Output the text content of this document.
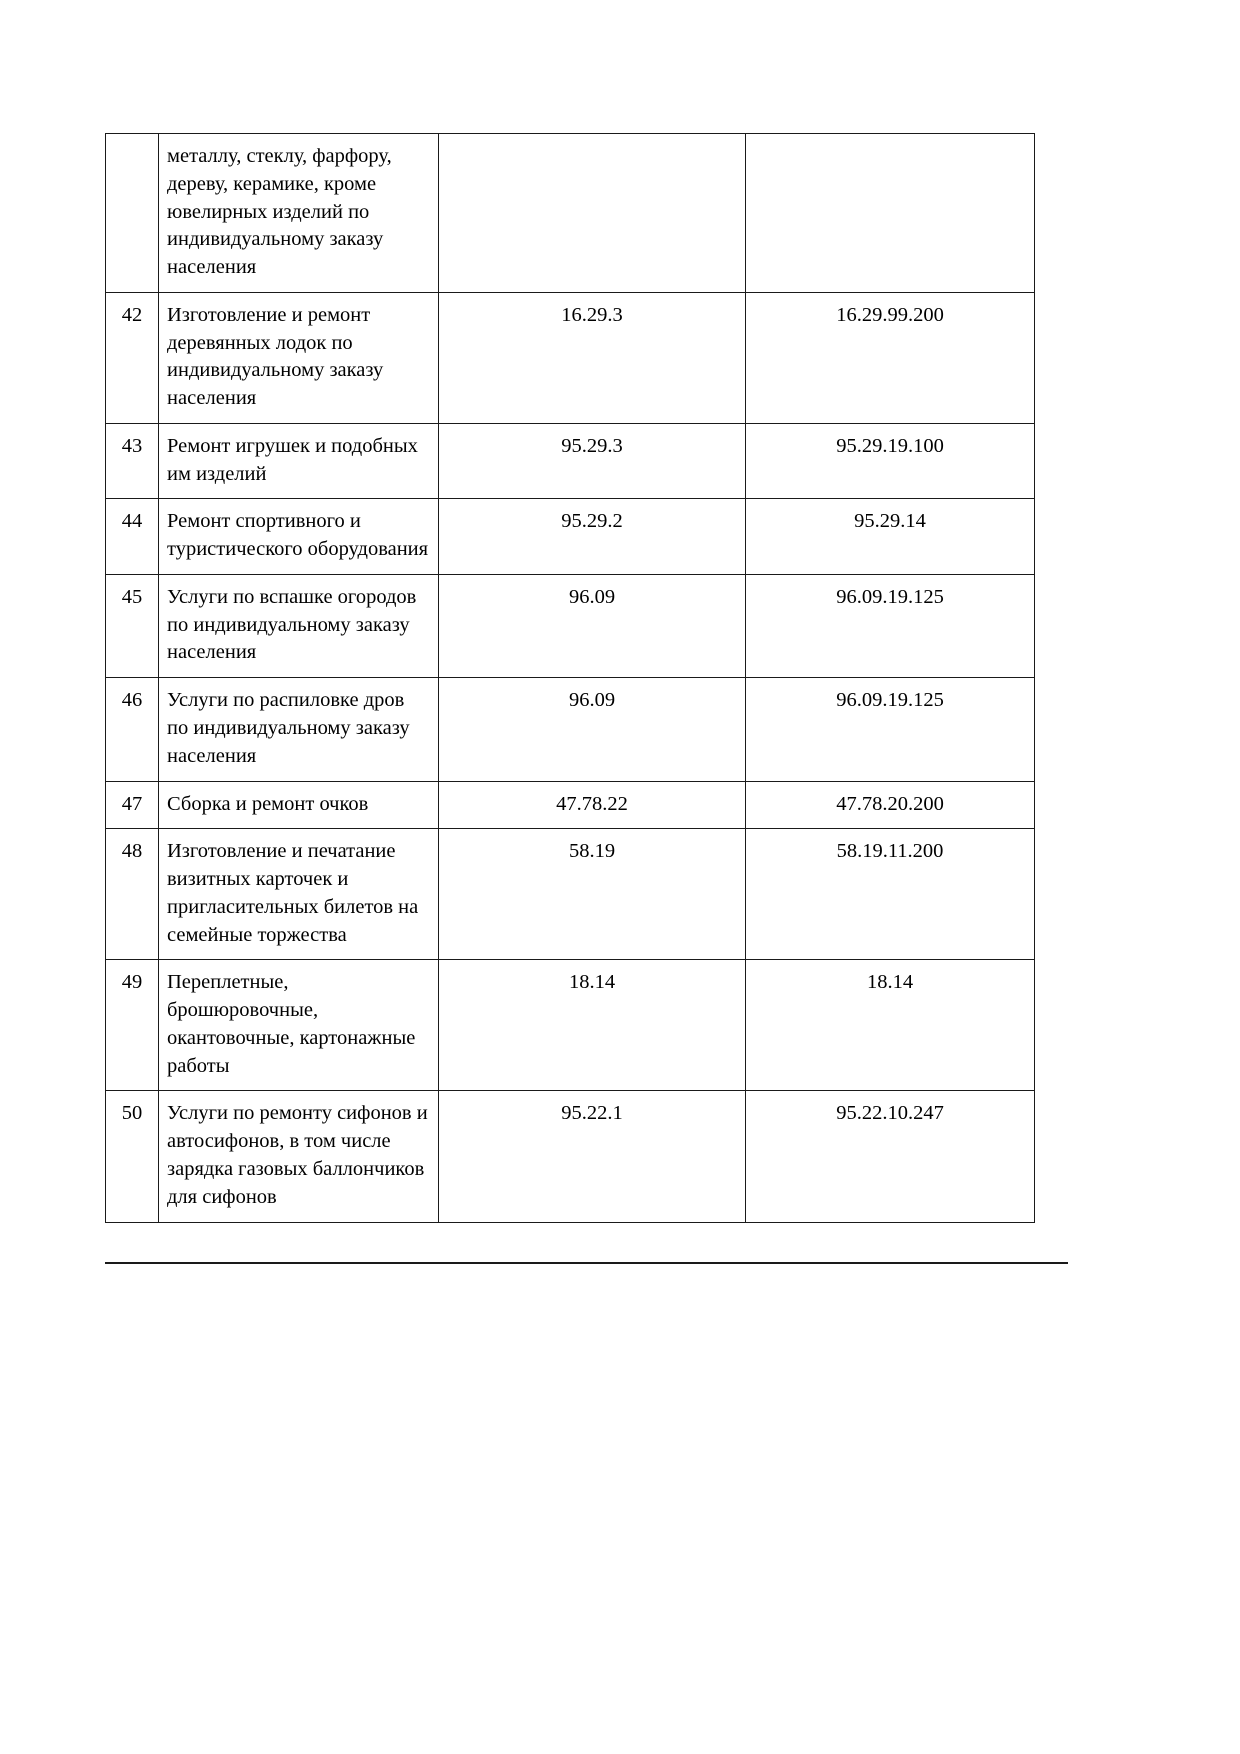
	металлу, стеклу, фарфору, дереву, керамике, кроме ювелирных изделий по индивидуальному заказу населения		
42	Изготовление и ремонт деревянных лодок по индивидуальному заказу населения	16.29.3	16.29.99.200
43	Ремонт игрушек и подобных им изделий	95.29.3	95.29.19.100
44	Ремонт спортивного и туристического оборудования	95.29.2	95.29.14
45	Услуги по вспашке огородов по индивидуальному заказу населения	96.09	96.09.19.125
46	Услуги по распиловке дров по индивидуальному заказу населения	96.09	96.09.19.125
47	Сборка и ремонт очков	47.78.22	47.78.20.200
48	Изготовление и печатание визитных карточек и пригласительных билетов на семейные торжества	58.19	58.19.11.200
49	Переплетные, брошюровочные, окантовочные, картонажные работы	18.14	18.14
50	Услуги по ремонту сифонов и автосифонов, в том числе зарядка газовых баллончиков для сифонов	95.22.1	95.22.10.247
